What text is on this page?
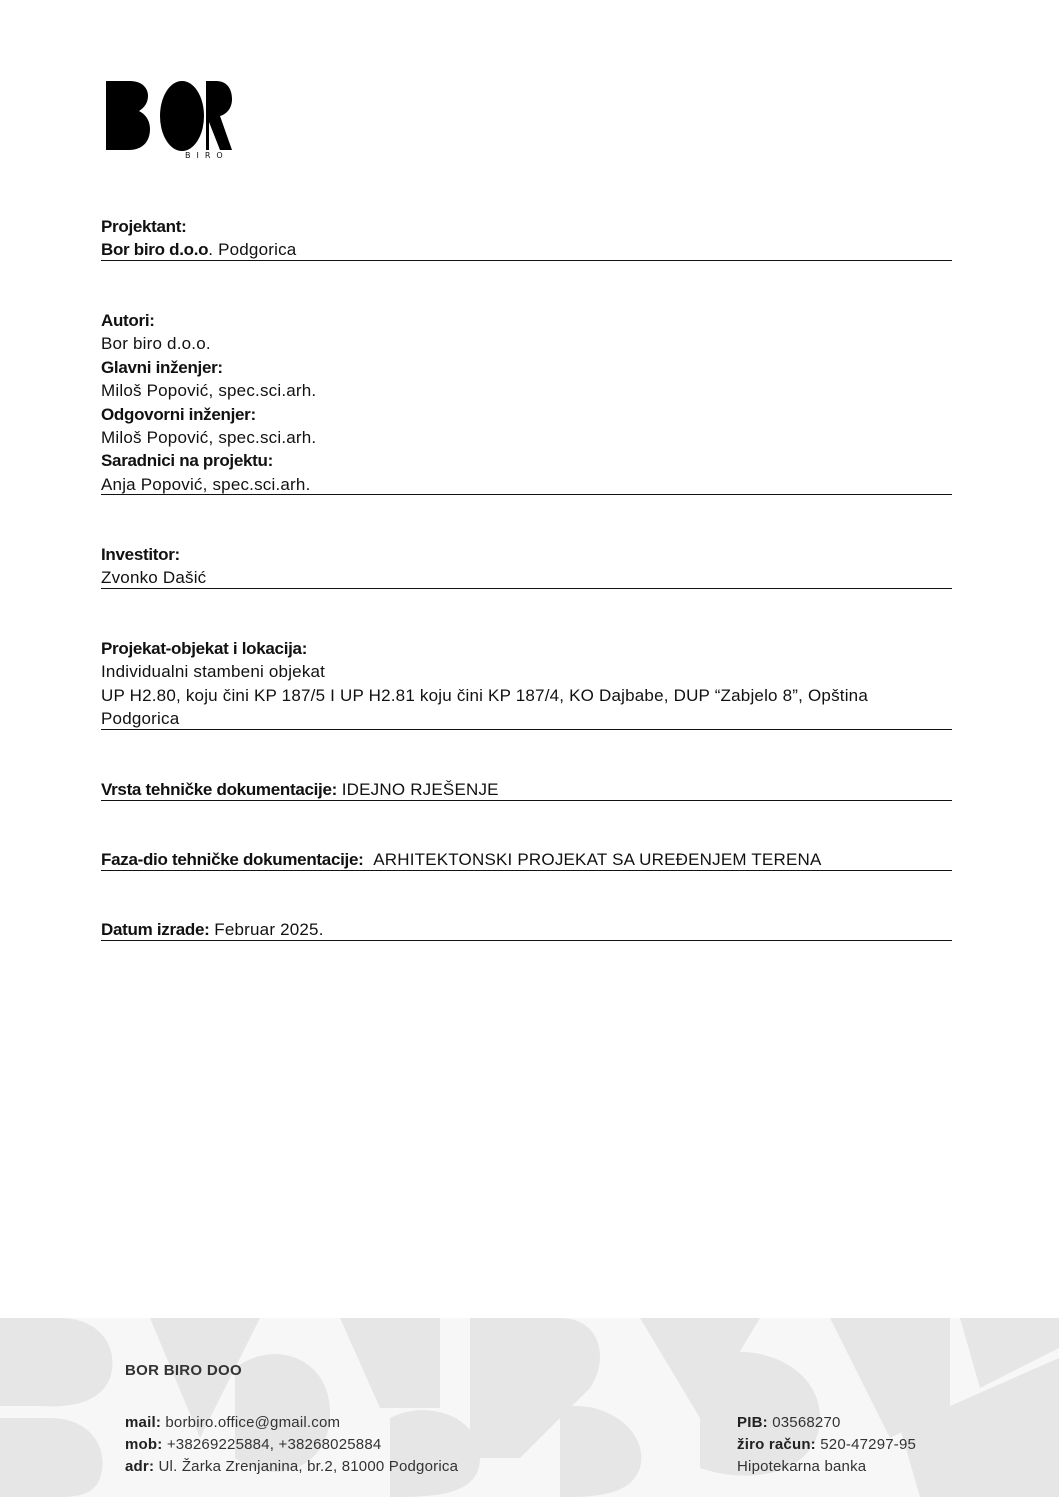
BIRO
Projektant:
Bor biro d.o.o. Podgorica
Autori:
Bor biro d.o.o.
Glavni inženjer:
Miloš Popović, spec.sci.arh.
Odgovorni inženjer:
Miloš Popović, spec.sci.arh.
Saradnici na projektu:
Anja Popović, spec.sci.arh.
Investitor:
Zvonko Dašić
Projekat-objekat i lokacija:
Individualni stambeni objekat
UP H2.80, koju čini KP 187/5 I UP H2.81 koju čini KP 187/4, KO Dajbabe, DUP “Zabjelo 8”, Opština Podgorica
Vrsta tehničke dokumentacije: IDEJNO RJEŠENJE
Faza-dio tehničke dokumentacije: ARHITEKTONSKI PROJEKAT SA UREĐENJEM TERENA
Datum izrade: Februar 2025.
BOR BIRO DOO
mail: borbiro.office@gmail.com
mob: +38269225884, +38268025884
adr: Ul. Žarka Zrenjanina, br.2, 81000 Podgorica
PIB: 03568270
žiro račun: 520-47297-95
Hipotekarna banka
